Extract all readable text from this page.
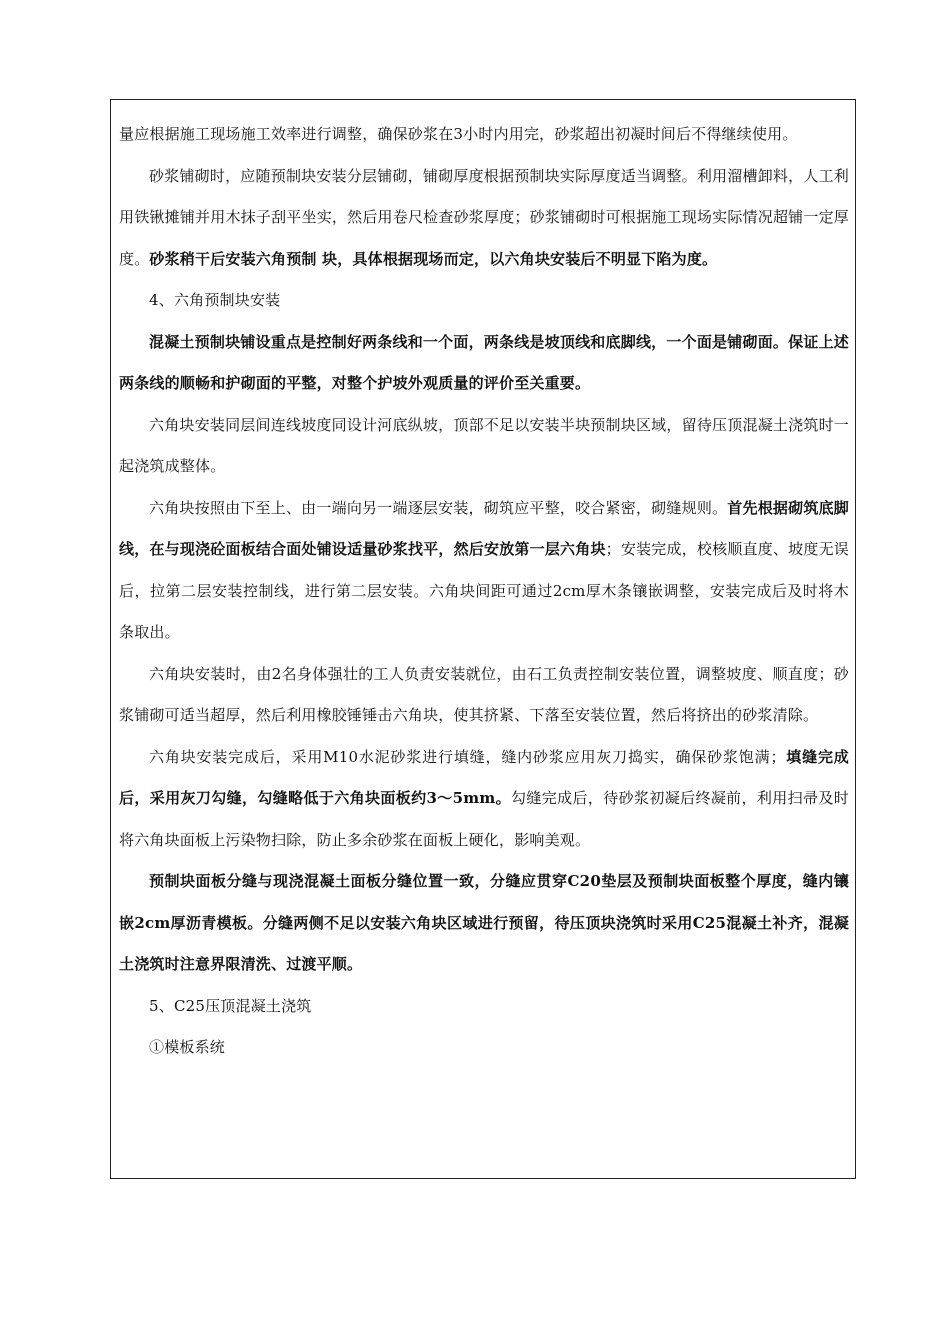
量应根据施工现场施工效率进行调整，确保砂浆在3小时内用完，砂浆超出初凝时间后不得继续使用。

砂浆铺砌时，应随预制块安装分层铺砌，铺砌厚度根据预制块实际厚度适当调整。利用溜槽卸料，人工利用铁锹摊铺并用木抹子刮平坐实，然后用卷尺检查砂浆厚度；砂浆铺砌时可根据施工现场实际情况超铺一定厚度。砂浆稍干后安装六角预制 块，具体根据现场而定，以六角块安装后不明显下陷为度。

4、六角预制块安装

混凝土预制块铺设重点是控制好两条线和一个面，两条线是坡顶线和底脚线，一个面是铺砌面。保证上述两条线的顺畅和护砌面的平整，对整个护坡外观质量的评价至关重要。

六角块安装同层间连线坡度同设计河底纵坡，顶部不足以安装半块预制块区域，留待压顶混凝土浇筑时一起浇筑成整体。

六角块按照由下至上、由一端向另一端逐层安装，砌筑应平整，咬合紧密，砌缝规则。首先根据砌筑底脚线，在与现浇砼面板结合面处铺设适量砂浆找平，然后安放第一层六角块；安装完成，校核顺直度、坡度无误后，拉第二层安装控制线，进行第二层安装。六角块间距可通过2cm厚木条镶嵌调整，安装完成后及时将木条取出。

六角块安装时，由2名身体强壮的工人负责安装就位，由石工负责控制安装位置，调整坡度、顺直度；砂浆铺砌可适当超厚，然后利用橡胶锤锤击六角块，使其挤紧、下落至安装位置，然后将挤出的砂浆清除。

六角块安装完成后，采用M10水泥砂浆进行填缝，缝内砂浆应用灰刀捣实，确保砂浆饱满；填缝完成后，采用灰刀勾缝，勾缝略低于六角块面板约3～5mm。勾缝完成后，待砂浆初凝后终凝前，利用扫帚及时将六角块面板上污染物扫除，防止多余砂浆在面板上硬化，影响美观。

预制块面板分缝与现浇混凝土面板分缝位置一致，分缝应贯穿C20垫层及预制块面板整个厚度，缝内镶嵌2cm厚沥青模板。分缝两侧不足以安装六角块区域进行预留，待压顶块浇筑时采用C25混凝土补齐，混凝土浇筑时注意界限清洗、过渡平顺。

5、C25压顶混凝土浇筑

①模板系统
